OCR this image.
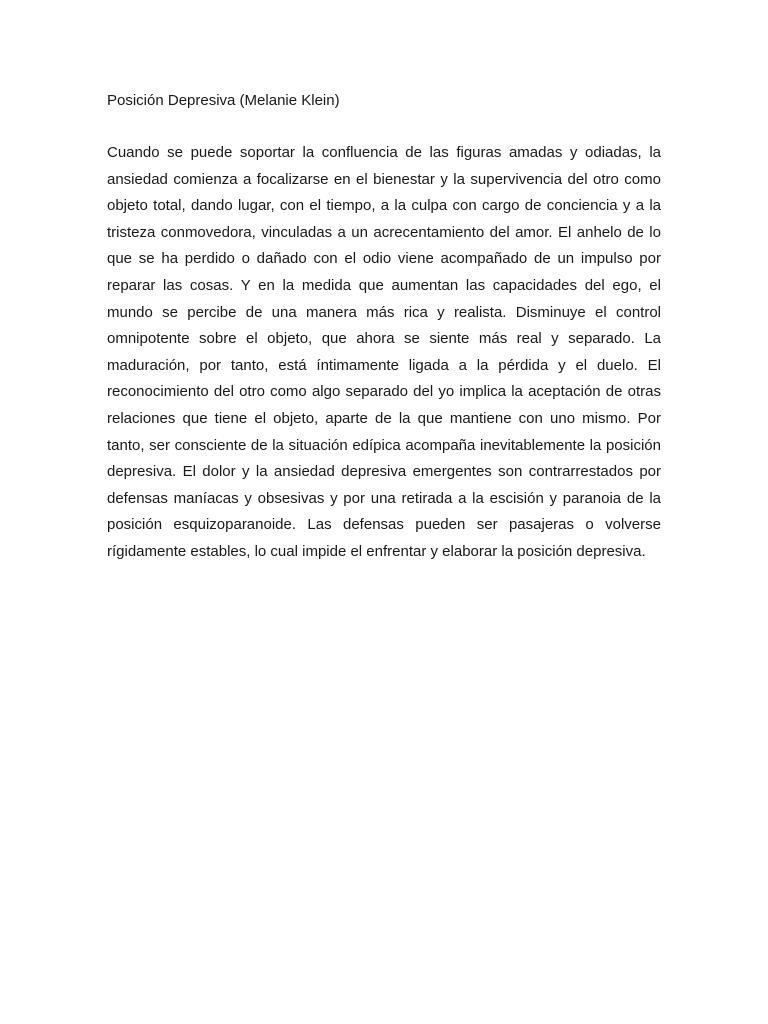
Posición Depresiva (Melanie Klein)

Cuando se puede soportar la confluencia de las figuras amadas y odiadas, la ansiedad comienza a focalizarse en el bienestar y la supervivencia del otro como objeto total, dando lugar, con el tiempo, a la culpa con cargo de conciencia y a la tristeza conmovedora, vinculadas a un acrecentamiento del amor. El anhelo de lo que se ha perdido o dañado con el odio viene acompañado de un impulso por reparar las cosas. Y en la medida que aumentan las capacidades del ego, el mundo se percibe de una manera más rica y realista. Disminuye el control omnipotente sobre el objeto, que ahora se siente más real y separado. La maduración, por tanto, está íntimamente ligada a la pérdida y el duelo. El reconocimiento del otro como algo separado del yo implica la aceptación de otras relaciones que tiene el objeto, aparte de la que mantiene con uno mismo. Por tanto, ser consciente de la situación edípica acompaña inevitablemente la posición depresiva. El dolor y la ansiedad depresiva emergentes son contrarrestados por defensas maníacas y obsesivas y por una retirada a la escisión y paranoia de la posición esquizoparanoide. Las defensas pueden ser pasajeras o volverse rígidamente estables, lo cual impide el enfrentar y elaborar la posición depresiva.
